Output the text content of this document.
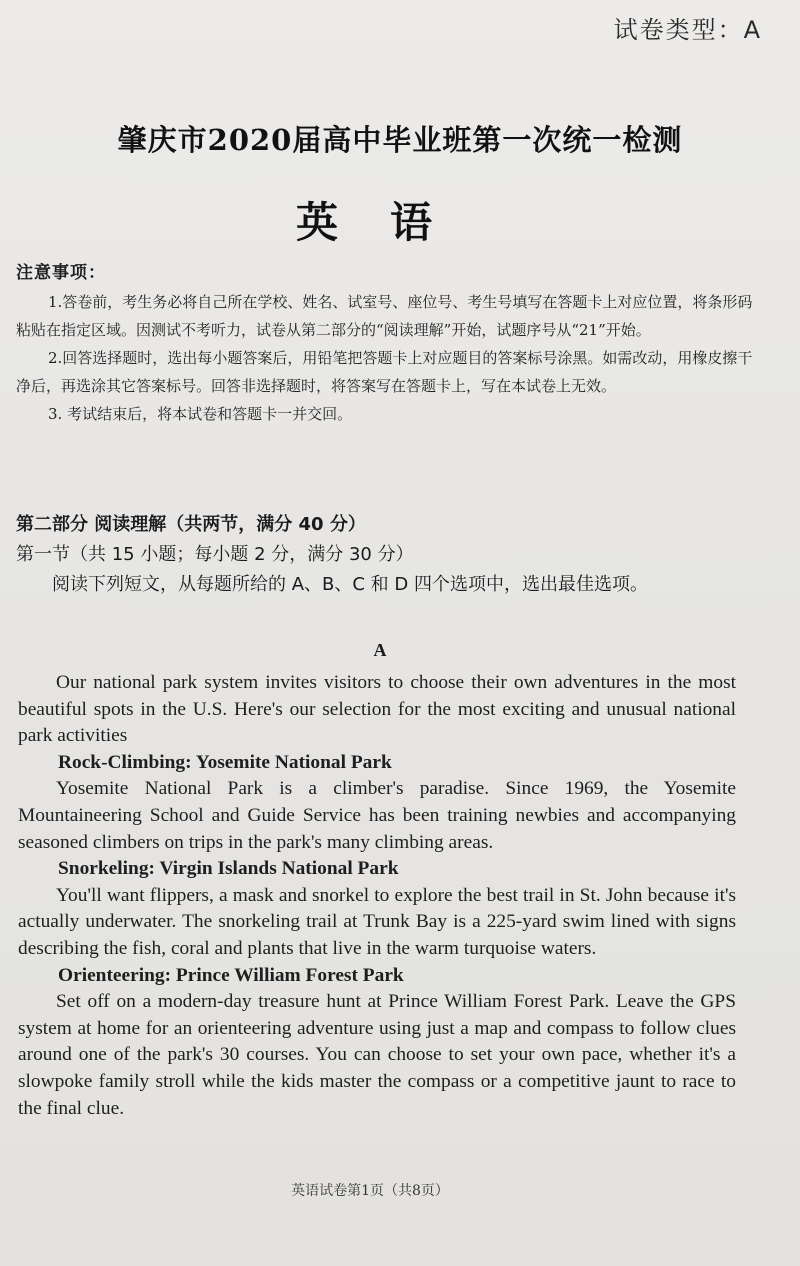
试卷类型：A
肇庆市2020届高中毕业班第一次统一检测
英语
注意事项：

1.答卷前，考生务必将自己所在学校、姓名、试室号、座位号、考生号填写在答题卡上对应位置，将条形码粘贴在指定区域。因测试不考听力，试卷从第二部分的“阅读理解”开始，试题序号从“21”开始。

2.回答选择题时，选出每小题答案后，用铅笔把答题卡上对应题目的答案标号涂黑。如需改动，用橡皮擦干净后，再选涂其它答案标号。回答非选择题时，将答案写在答题卡上，写在本试卷上无效。

3. 考试结束后，将本试卷和答题卡一并交回。

第二部分 阅读理解（共两节，满分 40 分）
第一节（共 15 小题；每小题 2 分，满分 30 分）
阅读下列短文，从每题所给的 A、B、C 和 D 四个选项中，选出最佳选项。
A

Our national park system invites visitors to choose their own adventures in the most beautiful spots in the U.S. Here's our selection for the most exciting and unusual national park activities

Rock-Climbing: Yosemite National Park

Yosemite National Park is a climber's paradise. Since 1969, the Yosemite Mountaineering School and Guide Service has been training newbies and accompanying seasoned climbers on trips in the park's many climbing areas.

Snorkeling: Virgin Islands National Park

You'll want flippers, a mask and snorkel to explore the best trail in St. John because it's actually underwater. The snorkeling trail at Trunk Bay is a 225-yard swim lined with signs describing the fish, coral and plants that live in the warm turquoise waters.

Orienteering: Prince William Forest Park

Set off on a modern-day treasure hunt at Prince William Forest Park. Leave the GPS system at home for an orienteering adventure using just a map and compass to follow clues around one of the park's 30 courses. You can choose to set your own pace, whether it's a slowpoke family stroll while the kids master the compass or a competitive jaunt to race to the final clue.

英语试卷第1页（共8页）
